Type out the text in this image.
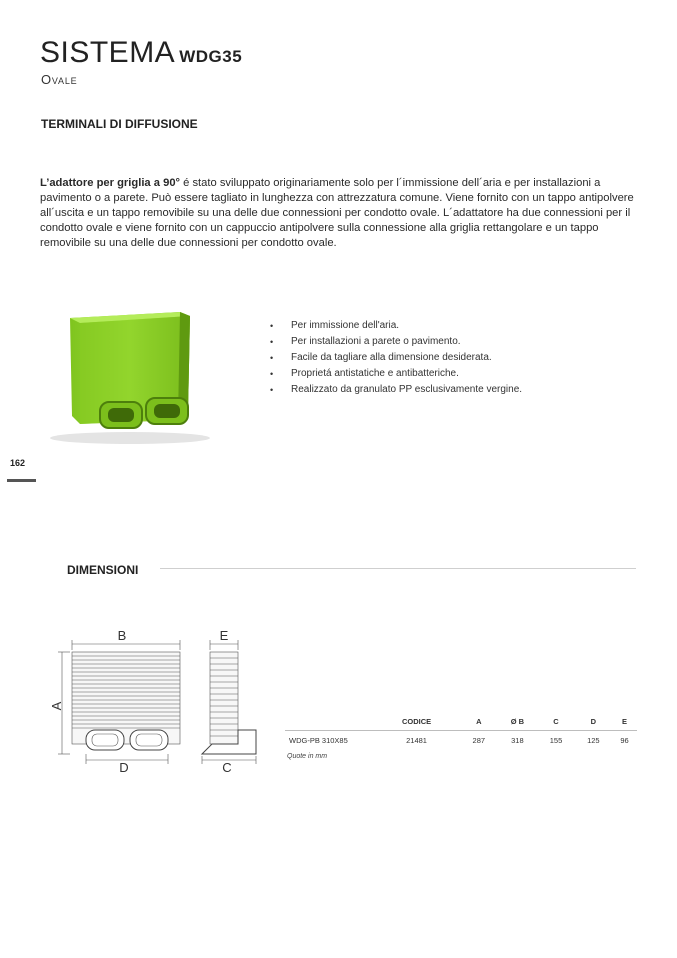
SISTEMA WDG35
Ovale
TERMINALI DI DIFFUSIONE

L’adattore per griglia a 90° é stato sviluppato originariamente solo per l´immissione dell´aria e per installazioni a pavimento o a parete. Può essere tagliato in lunghezza con attrezzatura comune. Viene fornito con un tappo antipolvere all´uscita e un tappo removibile su una delle due connessioni per condotto ovale. L´adattatore ha due connessioni per il condotto ovale e viene fornito con un cappuccio antipolvere sulla connessione alla griglia rettangolare e un tappo removibile su una delle due connessioni per condotto ovale.

• Per immissione dell'aria.
• Per installazioni a parete o pavimento.
• Facile da tagliare alla dimensione desiderata.
• Proprietá antistatiche e antibatteriche.
• Realizzato da granulato PP esclusivamente vergine.
162
DIMENSIONI
B
A
D
E
C
	CODICE	A	Ø B	C	D	E
WDG-PB 310X85	21481	287	318	155	125	96
Quote in mm
